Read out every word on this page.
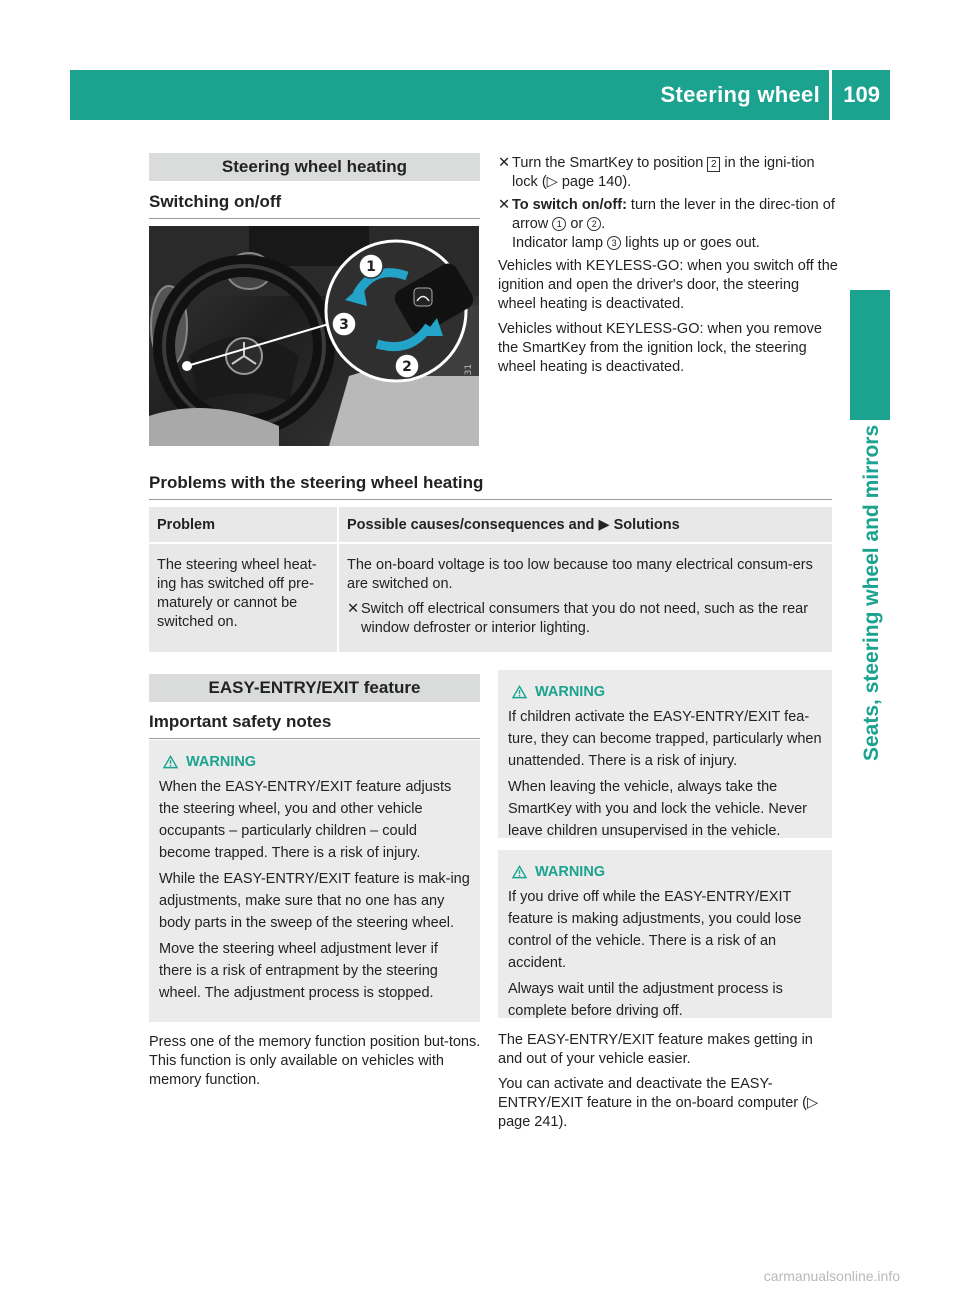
Steering wheel 109
Seats, steering wheel and mirrors
Steering wheel heating
Switching on/off
1
2
3
P46.11-2172-31
✕ Turn the SmartKey to position 2 in the igni-tion lock (▷ page 140).
✕ To switch on/off: turn the lever in the direc-tion of arrow 1 or 2 .
Indicator lamp 3 lights up or goes out.

Vehicles with KEYLESS-GO: when you switch off the ignition and open the driver's door, the steering wheel heating is deactivated.

Vehicles without KEYLESS-GO: when you remove the SmartKey from the ignition lock, the steering wheel heating is deactivated.

Problems with the steering wheel heating
Problem	Possible causes/consequences and ▶ Solutions
The steering wheel heat-ing has switched off pre-maturely or cannot be switched on.
The on-board voltage is too low because too many electrical consum-ers are switched on.
✕ Switch off electrical consumers that you do not need, such as the rear window defroster or interior lighting.
EASY-ENTRY/EXIT feature
Important safety notes
WARNING

When the EASY-ENTRY/EXIT feature adjusts the steering wheel, you and other vehicle occupants – particularly children – could become trapped. There is a risk of injury.

While the EASY-ENTRY/EXIT feature is mak-ing adjustments, make sure that no one has any body parts in the sweep of the steering wheel.

Move the steering wheel adjustment lever if there is a risk of entrapment by the steering wheel. The adjustment process is stopped.

Press one of the memory function position but-tons. This function is only available on vehicles with memory function.
WARNING

If children activate the EASY-ENTRY/EXIT fea-ture, they can become trapped, particularly when unattended. There is a risk of injury.

When leaving the vehicle, always take the SmartKey with you and lock the vehicle. Never leave children unsupervised in the vehicle.

WARNING

If you drive off while the EASY-ENTRY/EXIT feature is making adjustments, you could lose control of the vehicle. There is a risk of an accident.

Always wait until the adjustment process is complete before driving off.

The EASY-ENTRY/EXIT feature makes getting in and out of your vehicle easier.

You can activate and deactivate the EASY-ENTRY/EXIT feature in the on-board computer (▷ page 241).

carmanualsonline.info
